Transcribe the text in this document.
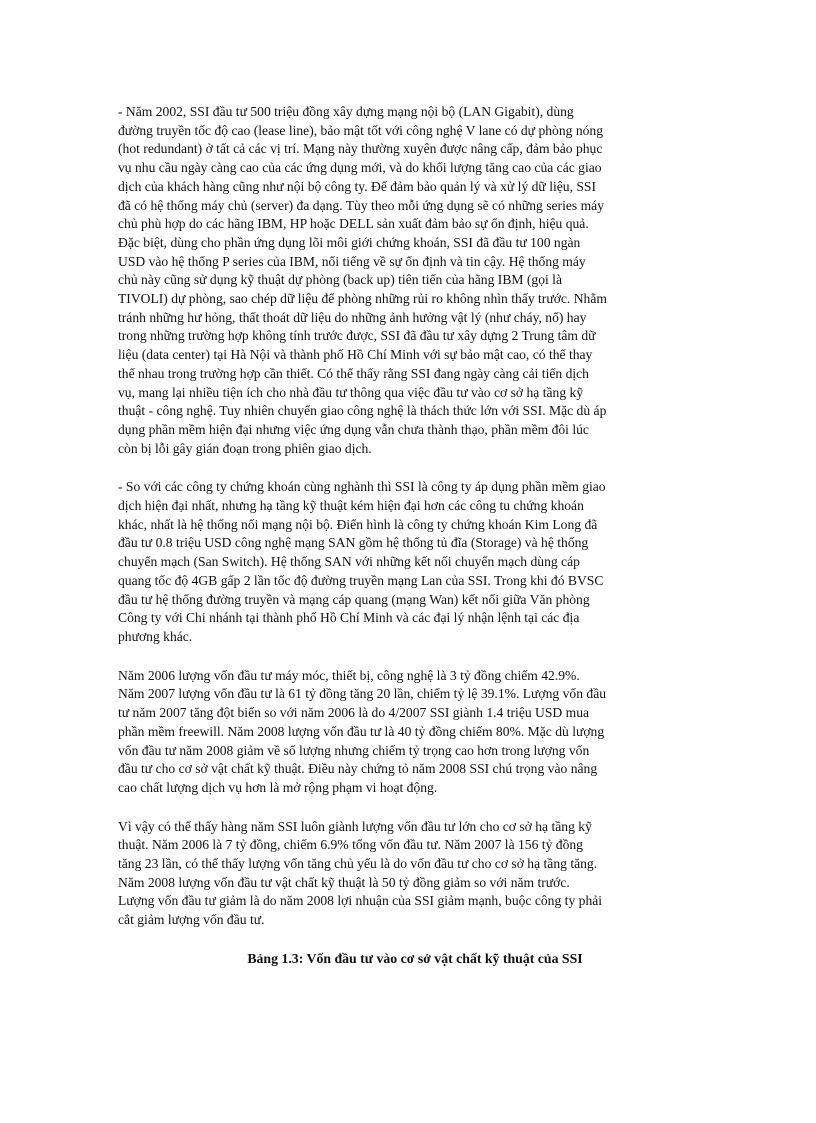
- Năm 2002, SSI đầu tư 500 triệu đồng xây dựng mạng nội bộ (LAN Gigabit), dùng
đường truyền tốc độ cao (lease line), bảo mật tốt với công nghệ V lane có dự phòng nóng
(hot redundant) ở tất cả các vị trí. Mạng này thường xuyên được nâng cấp, đảm bảo phục
vụ nhu cầu ngày càng cao của các ứng dụng mới, và do khối lượng tăng cao của các giao
dịch của khách hàng cũng như nội bộ công ty. Để đảm bảo quản lý và xử lý dữ liệu, SSI
đã có hệ thống máy chủ (server) đa dạng. Tùy theo mỗi ứng dụng sẽ có những series máy
chủ phù hợp do các hãng IBM, HP hoặc DELL sản xuất đảm bảo sự ổn định, hiệu quả.
Đặc biệt, dùng cho phần ứng dụng lõi môi giới chứng khoán, SSI đã đầu tư 100 ngàn
USD vào hệ thống P series của IBM, nổi tiếng về sự ổn định và tin cậy. Hệ thống máy
chủ này cũng sử dụng kỹ thuật dự phòng (back up) tiên tiến của hãng IBM (gọi là
TIVOLI) dự phòng, sao chép dữ liệu để phòng những rủi ro không nhìn thấy trước. Nhằm
tránh những hư hỏng, thất thoát dữ liệu do những ảnh hưởng vật lý (như cháy, nổ) hay
trong những trường hợp không tính trước được, SSI đã đầu tư xây dựng 2 Trung tâm dữ
liệu (data center) tại Hà Nội và thành phố Hồ Chí Minh với sự bảo mật cao, có thể thay
thế nhau trong trường hợp cần thiết. Có thể thấy rằng SSI đang ngày càng cải tiến dịch
vụ, mang lại nhiều tiện ích cho nhà đầu tư thông qua việc đầu tư vào cơ sở hạ tầng kỹ
thuật - công nghệ. Tuy nhiên chuyển giao công nghệ là thách thức lớn với SSI. Mặc dù áp
dụng phần mềm hiện đại nhưng việc ứng dụng vẫn chưa thành thạo, phần mềm đôi lúc
còn bị lỗi gây gián đoạn trong phiên giao dịch.
- So với các công ty chứng khoán cùng nghành thì SSI là công ty áp dụng phần mềm giao
dịch hiện đại nhất, nhưng hạ tầng kỹ thuật kém hiện đại hơn các công tu chứng khoán
khác, nhất là hệ thống nối mạng nội bộ. Điển hình là công ty chứng khoán Kim Long đã
đầu tư 0.8 triệu USD công nghệ mạng SAN gồm hệ thống tủ đĩa (Storage) và hệ thống
chuyển mạch (San Switch). Hệ thống SAN với những kết nối chuyển mạch dùng cáp
quang tốc độ 4GB gấp 2 lần tốc độ đường truyền mạng Lan của SSI. Trong khi đó BVSC
đầu tư hệ thống đường truyền và mạng cáp quang (mạng Wan) kết nối giữa Văn phòng
Công ty với Chi nhánh tại thành phố Hồ Chí Minh và các đại lý nhận lệnh tại các địa
phương khác.
Năm 2006 lượng vốn đầu tư máy móc, thiết bị, công nghệ là 3 tỷ đồng chiếm 42.9%.
Năm 2007 lượng vốn đầu tư là 61 tỷ đồng tăng 20 lần, chiếm tỷ lệ 39.1%. Lượng vốn đầu
tư năm 2007 tăng đột biến so với năm 2006 là do 4/2007 SSI giành 1.4 triệu USD mua
phần mềm freewill. Năm 2008 lượng vốn đầu tư là 40 tỷ đồng chiếm 80%. Mặc dù lượng
vốn đầu tư năm 2008 giảm về số lượng nhưng chiếm tỷ trọng cao hơn trong lượng vốn
đầu tư cho cơ sở vật chất kỹ thuật. Điều này chứng tỏ năm 2008 SSI chú trọng vào nâng
cao chất lượng dịch vụ hơn là mở rộng phạm vi hoạt động.
Vì vậy có thể thấy hàng năm SSI luôn giành lượng vốn đầu tư lớn cho cơ sở hạ tầng kỹ
thuật. Năm 2006 là 7 tỷ đồng, chiếm 6.9% tổng vốn đầu tư. Năm 2007 là 156 tỷ đồng
tăng 23 lần, có thể thấy lượng vốn tăng chủ yếu là do vốn đầu tư cho cơ sở hạ tầng tăng.
Năm 2008 lượng vốn đầu tư vật chất kỹ thuật là 50 tỷ đồng giảm so với năm trước.
Lượng vốn đầu tư giảm là do năm 2008 lợi nhuận của SSI giảm mạnh, buộc công ty phải
cắt giảm lượng vốn đầu tư.

Bảng 1.3: Vốn đầu tư vào cơ sở vật chất kỹ thuật của SSI
